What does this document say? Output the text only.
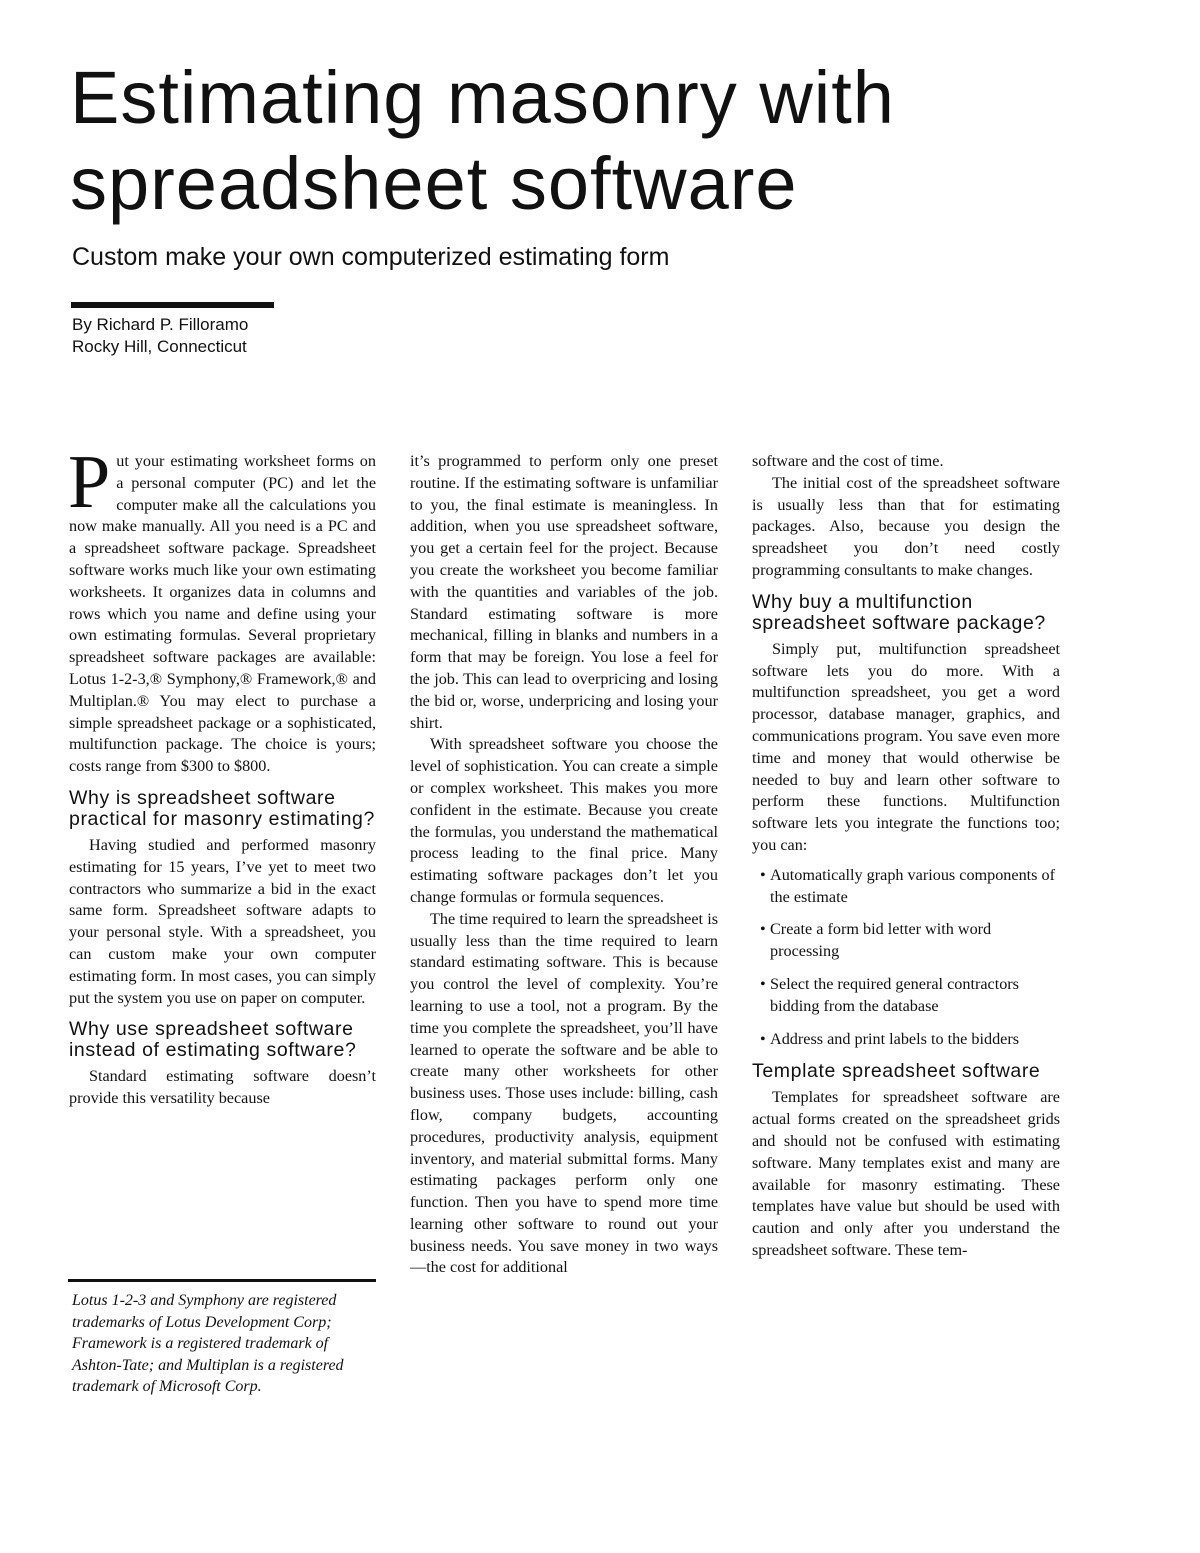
Estimating masonry with spreadsheet software
Custom make your own computerized estimating form
By Richard P. Filloramo
Rocky Hill, Connecticut

Put your estimating worksheet forms on a personal computer (PC) and let the computer make all the calculations you now make manually. All you need is a PC and a spreadsheet software package. Spreadsheet software works much like your own estimating worksheets. It organizes data in columns and rows which you name and define using your own estimating formulas. Several proprietary spreadsheet software packages are available: Lotus 1-2-3,® Symphony,® Framework,® and Multiplan.® You may elect to purchase a simple spreadsheet package or a sophisticated, multifunction package. The choice is yours; costs range from $300 to $800.

Why is spreadsheet software practical for masonry estimating?

Having studied and performed masonry estimating for 15 years, I’ve yet to meet two contractors who summarize a bid in the exact same form. Spreadsheet software adapts to your personal style. With a spreadsheet, you can custom make your own computer estimating form. In most cases, you can simply put the system you use on paper on computer.

Why use spreadsheet software instead of estimating software?

Standard estimating software doesn’t provide this versatility because

Lotus 1-2-3 and Symphony are registered trademarks of Lotus Development Corp; Framework is a registered trademark of Ashton-Tate; and Multiplan is a registered trademark of Microsoft Corp.

it’s programmed to perform only one preset routine. If the estimating software is unfamiliar to you, the final estimate is meaningless. In addition, when you use spreadsheet software, you get a certain feel for the project. Because you create the worksheet you become familiar with the quantities and variables of the job. Standard estimating software is more mechanical, filling in blanks and numbers in a form that may be foreign. You lose a feel for the job. This can lead to overpricing and losing the bid or, worse, underpricing and losing your shirt.

With spreadsheet software you choose the level of sophistication. You can create a simple or complex worksheet. This makes you more confident in the estimate. Because you create the formulas, you understand the mathematical process leading to the final price. Many estimating software packages don’t let you change formulas or formula sequences.

The time required to learn the spreadsheet is usually less than the time required to learn standard estimating software. This is because you control the level of complexity. You’re learning to use a tool, not a program. By the time you complete the spreadsheet, you’ll have learned to operate the software and be able to create many other worksheets for other business uses. Those uses include: billing, cash flow, company budgets, accounting procedures, productivity analysis, equipment inventory, and material submittal forms. Many estimating packages perform only one function. Then you have to spend more time learning other software to round out your business needs. You save money in two ways—the cost for additional

software and the cost of time.

The initial cost of the spreadsheet software is usually less than that for estimating packages. Also, because you design the spreadsheet you don’t need costly programming consultants to make changes.

Why buy a multifunction spreadsheet software package?

Simply put, multifunction spreadsheet software lets you do more. With a multifunction spreadsheet, you get a word processor, database manager, graphics, and communications program. You save even more time and money that would otherwise be needed to buy and learn other software to perform these functions. Multifunction software lets you integrate the functions too; you can:

• Automatically graph various components of the estimate
• Create a form bid letter with word processing
• Select the required general contractors bidding from the database
• Address and print labels to the bidders
Template spreadsheet software

Templates for spreadsheet software are actual forms created on the spreadsheet grids and should not be confused with estimating software. Many templates exist and many are available for masonry estimating. These templates have value but should be used with caution and only after you understand the spreadsheet software. These tem-
